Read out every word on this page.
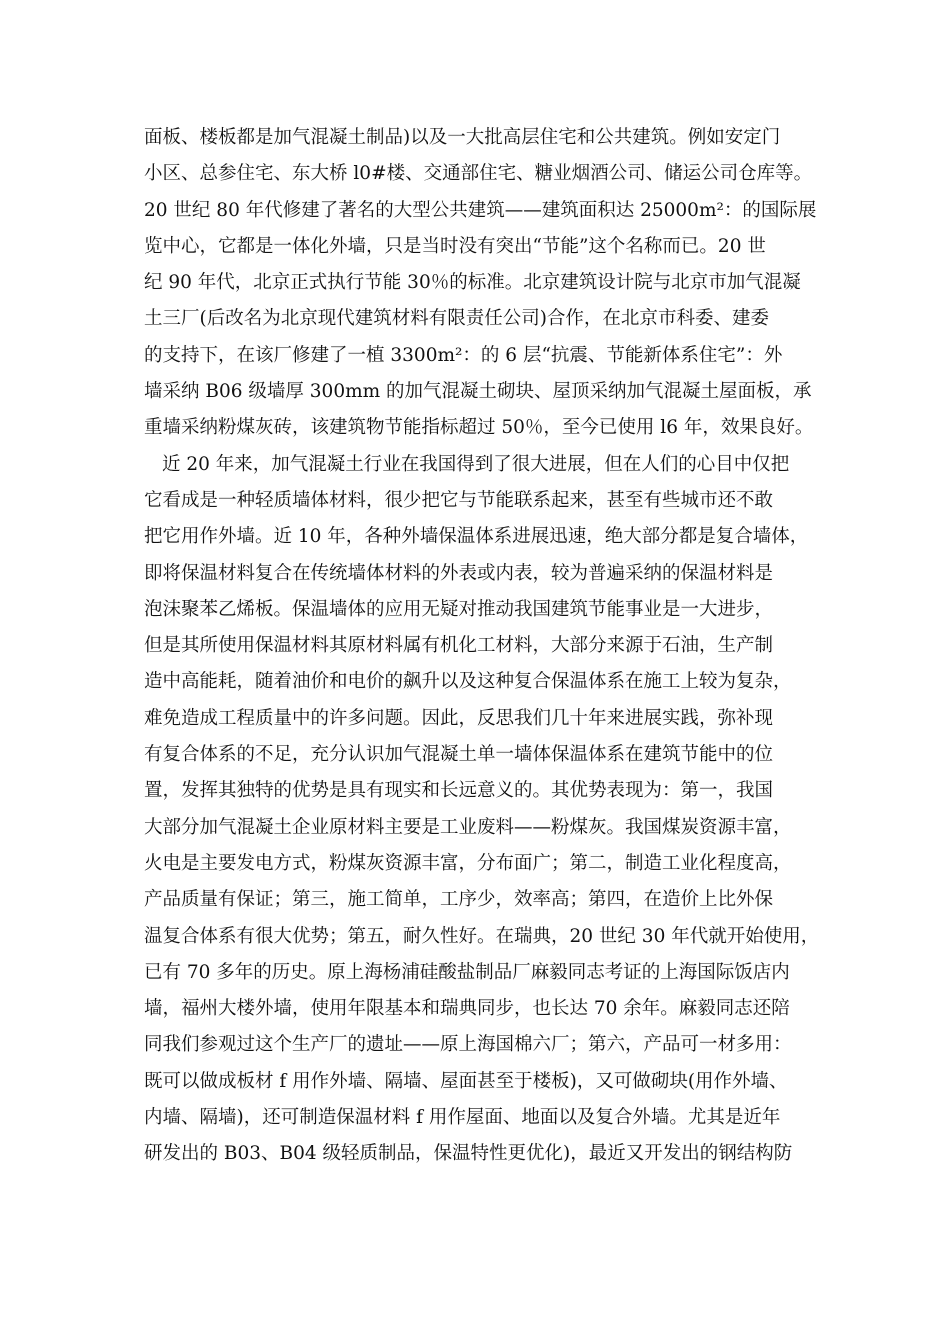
面板、楼板都是加气混凝土制品)以及一大批高层住宅和公共建筑。例如安定门
小区、总参住宅、东大桥 l0#楼、交通部住宅、糖业烟酒公司、储运公司仓库等。
20 世纪 80 年代修建了著名的大型公共建筑——建筑面积达 25000m²：的国际展
览中心，它都是一体化外墙，只是当时没有突出“节能”这个名称而已。20 世
纪 90 年代，北京正式执行节能 30％的标准。北京建筑设计院与北京市加气混凝
土三厂(后改名为北京现代建筑材料有限责任公司)合作，在北京市科委、建委
的支持下，在该厂修建了一植 3300m²：的 6 层“抗震、节能新体系住宅”：外
墙采纳 B06 级墙厚 300mm 的加气混凝土砌块、屋顶采纳加气混凝土屋面板，承
重墙采纳粉煤灰砖，该建筑物节能指标超过 50％，至今已使用 l6 年，效果良好。
近 20 年来，加气混凝土行业在我国得到了很大进展，但在人们的心目中仅把
它看成是一种轻质墙体材料，很少把它与节能联系起来，甚至有些城市还不敢
把它用作外墙。近 10 年，各种外墙保温体系进展迅速，绝大部分都是复合墙体，
即将保温材料复合在传统墙体材料的外表或内表，较为普遍采纳的保温材料是
泡沫聚苯乙烯板。保温墙体的应用无疑对推动我国建筑节能事业是一大进步，
但是其所使用保温材料其原材料属有机化工材料，大部分来源于石油，生产制
造中高能耗，随着油价和电价的飙升以及这种复合保温体系在施工上较为复杂，
难免造成工程质量中的许多问题。因此，反思我们几十年来进展实践，弥补现
有复合体系的不足，充分认识加气混凝土单一墙体保温体系在建筑节能中的位
置，发挥其独特的优势是具有现实和长远意义的。其优势表现为：第一，我国
大部分加气混凝土企业原材料主要是工业废料——粉煤灰。我国煤炭资源丰富，
火电是主要发电方式，粉煤灰资源丰富，分布面广；第二，制造工业化程度高，
产品质量有保证；第三，施工简单，工序少，效率高；第四，在造价上比外保
温复合体系有很大优势；第五，耐久性好。在瑞典，20 世纪 30 年代就开始使用，
已有 70 多年的历史。原上海杨浦硅酸盐制品厂麻毅同志考证的上海国际饭店内
墙，福州大楼外墙，使用年限基本和瑞典同步，也长达 70 余年。麻毅同志还陪
同我们参观过这个生产厂的遗址——原上海国棉六厂；第六，产品可一材多用：
既可以做成板材 f 用作外墙、隔墙、屋面甚至于楼板)，又可做砌块(用作外墙、
内墙、隔墙)，还可制造保温材料 f 用作屋面、地面以及复合外墙。尤其是近年
研发出的 B03、B04 级轻质制品，保温特性更优化)，最近又开发出的钢结构防
